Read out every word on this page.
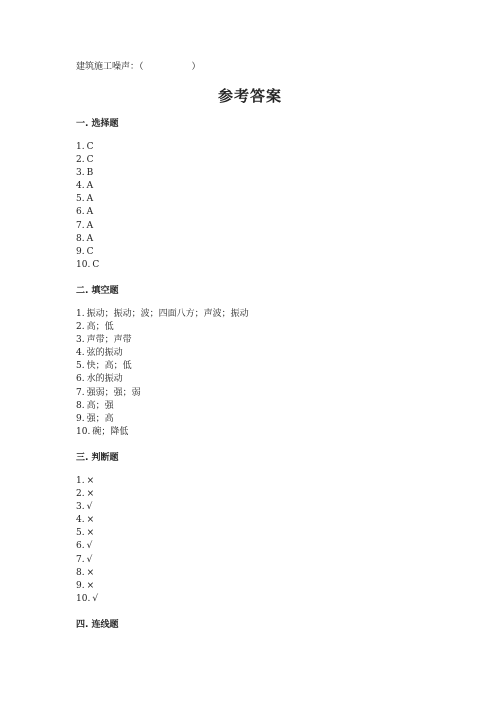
建筑施工噪声：（	）
参考答案
一. 选择题
1. C
2. C
3. B
4. A
5. A
6. A
7. A
8. A
9. C
10. C
二. 填空题
1. 振动；振动；波；四面八方；声波；振动
2. 高；低
3. 声带；声带
4. 弦的振动
5. 快；高；低
6. 水的振动
7. 强弱；强；弱
8. 高；强
9. 强；高
10. 碗；降低
三. 判断题
1. ×
2. ×
3. √
4. ×
5. ×
6. √
7. √
8. ×
9. ×
10. √
四. 连线题
